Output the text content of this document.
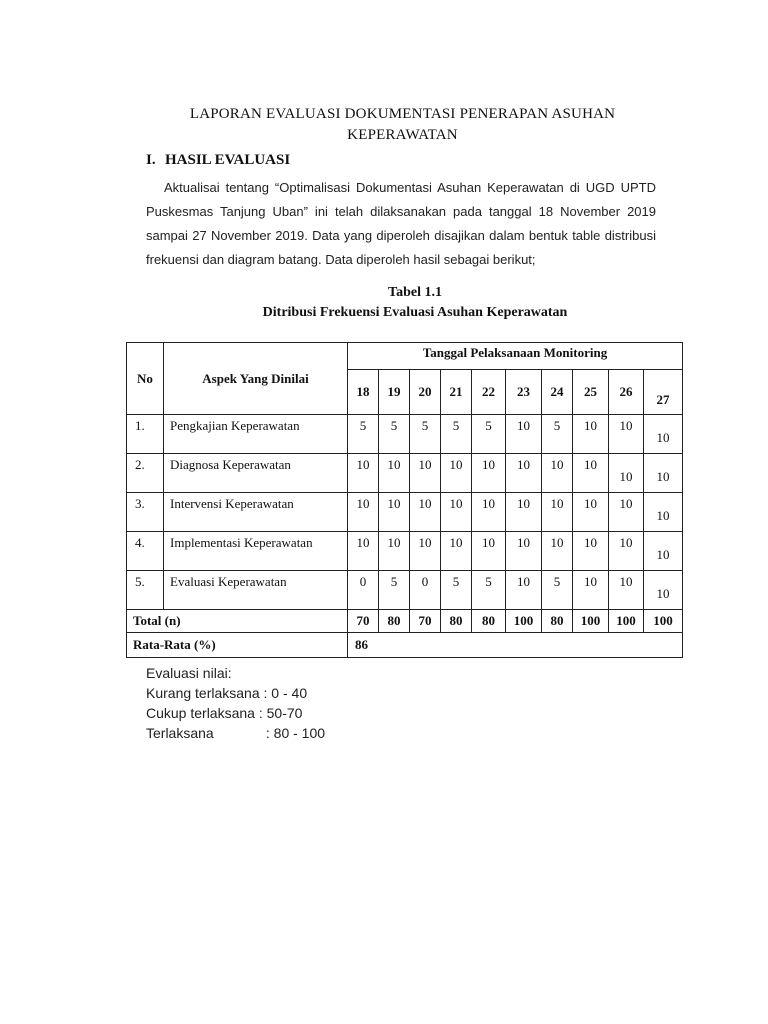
LAPORAN EVALUASI DOKUMENTASI PENERAPAN ASUHAN
KEPERAWATAN
I. HASIL EVALUASI
Aktualisai tentang “Optimalisasi Dokumentasi Asuhan Keperawatan di UGD UPTD Puskesmas Tanjung Uban” ini telah dilaksanakan pada tanggal 18 November 2019 sampai 27 November 2019. Data yang diperoleh disajikan dalam bentuk table distribusi frekuensi dan diagram batang. Data diperoleh hasil sebagai berikut;
Tabel 1.1
Ditribusi Frekuensi Evaluasi Asuhan Keperawatan
No	Aspek Yang Dinilai	Tanggal Pelaksanaan Monitoring									
		18	19	20	21	22	23	24	25	26	27
1.	Pengkajian Keperawatan	5	5	5	5	5	10	5	10	10	10
2.	Diagnosa Keperawatan	10	10	10	10	10	10	10	10	10	10
3.	Intervensi Keperawatan	10	10	10	10	10	10	10	10	10	10
4.	Implementasi Keperawatan	10	10	10	10	10	10	10	10	10	10
5.	Evaluasi Keperawatan	0	5	0	5	5	10	5	10	10	10
Total (n)		70	80	70	80	80	100	80	100	100	100
Rata-Rata (%)		86									
Evaluasi nilai:
Kurang terlaksana : 0 - 40
Cukup terlaksana : 50-70
Terlaksana	: 80 - 100
